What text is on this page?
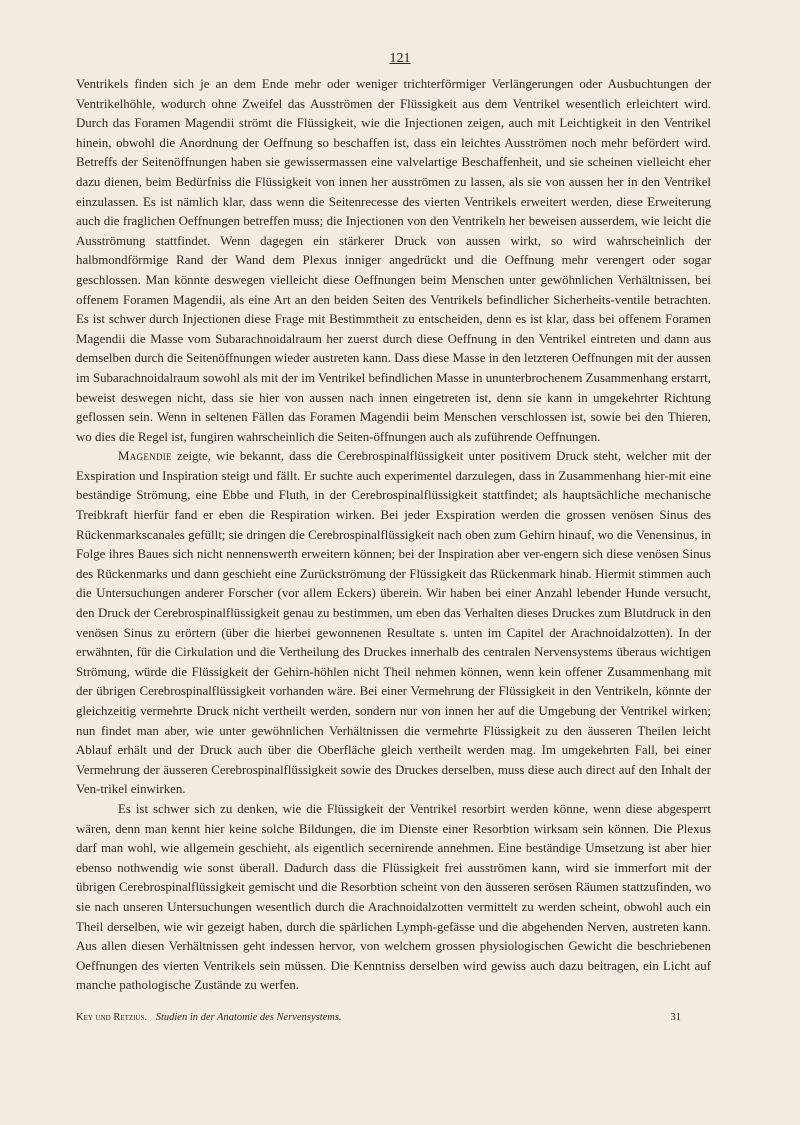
121

Ventrikels finden sich je an dem Ende mehr oder weniger trichterförmiger Verlängerungen oder Ausbuchtungen der Ventrikelhöhle, wodurch ohne Zweifel das Ausströmen der Flüssigkeit aus dem Ventrikel wesentlich erleichtert wird. Durch das Foramen Magendii strömt die Flüssigkeit, wie die Injectionen zeigen, auch mit Leichtigkeit in den Ventrikel hinein, obwohl die Anordnung der Oeffnung so beschaffen ist, dass ein leichtes Ausströmen noch mehr befördert wird. Betreffs der Seitenöffnungen haben sie gewissermassen eine valvelartige Beschaffenheit, und sie scheinen vielleicht eher dazu dienen, beim Bedürfniss die Flüssigkeit von innen her ausströmen zu lassen, als sie von aussen her in den Ventrikel einzulassen. Es ist nämlich klar, dass wenn die Seitenrecesse des vierten Ventrikels erweitert werden, diese Erweiterung auch die fraglichen Oeffnungen betreffen muss; die Injectionen von den Ventrikeln her beweisen ausserdem, wie leicht die Ausströmung stattfindet. Wenn dagegen ein stärkerer Druck von aussen wirkt, so wird wahrscheinlich der halbmondförmige Rand der Wand dem Plexus inniger angedrückt und die Oeffnung mehr verengert oder sogar geschlossen. Man könnte deswegen vielleicht diese Oeffnungen beim Menschen unter gewöhnlichen Verhältnissen, bei offenem Foramen Magendii, als eine Art an den beiden Seiten des Ventrikels befindlicher Sicherheits-ventile betrachten. Es ist schwer durch Injectionen diese Frage mit Bestimmtheit zu entscheiden, denn es ist klar, dass bei offenem Foramen Magendii die Masse vom Subarachnoidalraum her zuerst durch diese Oeffnung in den Ventrikel eintreten und dann aus demselben durch die Seitenöffnungen wieder austreten kann. Dass diese Masse in den letzteren Oeffnungen mit der aussen im Subarachnoidalraum sowohl als mit der im Ventrikel befindlichen Masse in ununterbrochenem Zusammenhang erstarrt, beweist deswegen nicht, dass sie hier von aussen nach innen eingetreten ist, denn sie kann in umgekehrter Richtung geflossen sein. Wenn in seltenen Fällen das Foramen Magendii beim Menschen verschlossen ist, sowie bei den Thieren, wo dies die Regel ist, fungiren wahrscheinlich die Seiten-öffnungen auch als zuführende Oeffnungen.

Magendie zeigte, wie bekannt, dass die Cerebrospinalflüssigkeit unter positivem Druck steht, welcher mit der Exspiration und Inspiration steigt und fällt. Er suchte auch experimentel darzulegen, dass in Zusammenhang hier-mit eine beständige Strömung, eine Ebbe und Fluth, in der Cerebrospinalflüssigkeit stattfindet; als hauptsächliche mechanische Treibkraft hierfür fand er eben die Respiration wirken. Bei jeder Exspiration werden die grossen venösen Sinus des Rückenmarkscanales gefüllt; sie dringen die Cerebrospinalflüssigkeit nach oben zum Gehirn hinauf, wo die Venensinus, in Folge ihres Baues sich nicht nennenswerth erweitern können; bei der Inspiration aber ver-engern sich diese venösen Sinus des Rückenmarks und dann geschieht eine Zurückströmung der Flüssigkeit das Rückenmark hinab. Hiermit stimmen auch die Untersuchungen anderer Forscher (vor allem Eckers) überein. Wir haben bei einer Anzahl lebender Hunde versucht, den Druck der Cerebrospinalflüssigkeit genau zu bestimmen, um eben das Verhalten dieses Druckes zum Blutdruck in den venösen Sinus zu erörtern (über die hierbei gewonnenen Resultate s. unten im Capitel der Arachnoidalzotten). In der erwähnten, für die Cirkulation und die Vertheilung des Druckes innerhalb des centralen Nervensystems überaus wichtigen Strömung, würde die Flüssigkeit der Gehirn-höhlen nicht Theil nehmen können, wenn kein offener Zusammenhang mit der übrigen Cerebrospinalflüssigkeit vorhanden wäre. Bei einer Vermehrung der Flüssigkeit in den Ventrikeln, könnte der gleichzeitig vermehrte Druck nicht vertheilt werden, sondern nur von innen her auf die Umgebung der Ventrikel wirken; nun findet man aber, wie unter gewöhnlichen Verhältnissen die vermehrte Flüssigkeit zu den äusseren Theilen leicht Ablauf erhält und der Druck auch über die Oberfläche gleich vertheilt werden mag. Im umgekehrten Fall, bei einer Vermehrung der äusseren Cerebrospinalflüssigkeit sowie des Druckes derselben, muss diese auch direct auf den Inhalt der Ven-trikel einwirken.

Es ist schwer sich zu denken, wie die Flüssigkeit der Ventrikel resorbirt werden könne, wenn diese abgesperrt wären, denn man kennt hier keine solche Bildungen, die im Dienste einer Resorbtion wirksam sein können. Die Plexus darf man wohl, wie allgemein geschieht, als eigentlich secernirende annehmen. Eine beständige Umsetzung ist aber hier ebenso nothwendig wie sonst überall. Dadurch dass die Flüssigkeit frei ausströmen kann, wird sie immerfort mit der übrigen Cerebrospinalflüssigkeit gemischt und die Resorbtion scheint von den äusseren serösen Räumen stattzufinden, wo sie nach unseren Untersuchungen wesentlich durch die Arachnoidalzotten vermittelt zu werden scheint, obwohl auch ein Theil derselben, wie wir gezeigt haben, durch die spärlichen Lymph-gefässe und die abgehenden Nerven, austreten kann. Aus allen diesen Verhältnissen geht indessen hervor, von welchem grossen physiologischen Gewicht die beschriebenen Oeffnungen des vierten Ventrikels sein müssen. Die Kenntniss derselben wird gewiss auch dazu beitragen, ein Licht auf manche pathologische Zustände zu werfen.

Key und Retzius. Studien in der Anatomie des Nervensystems.	31
